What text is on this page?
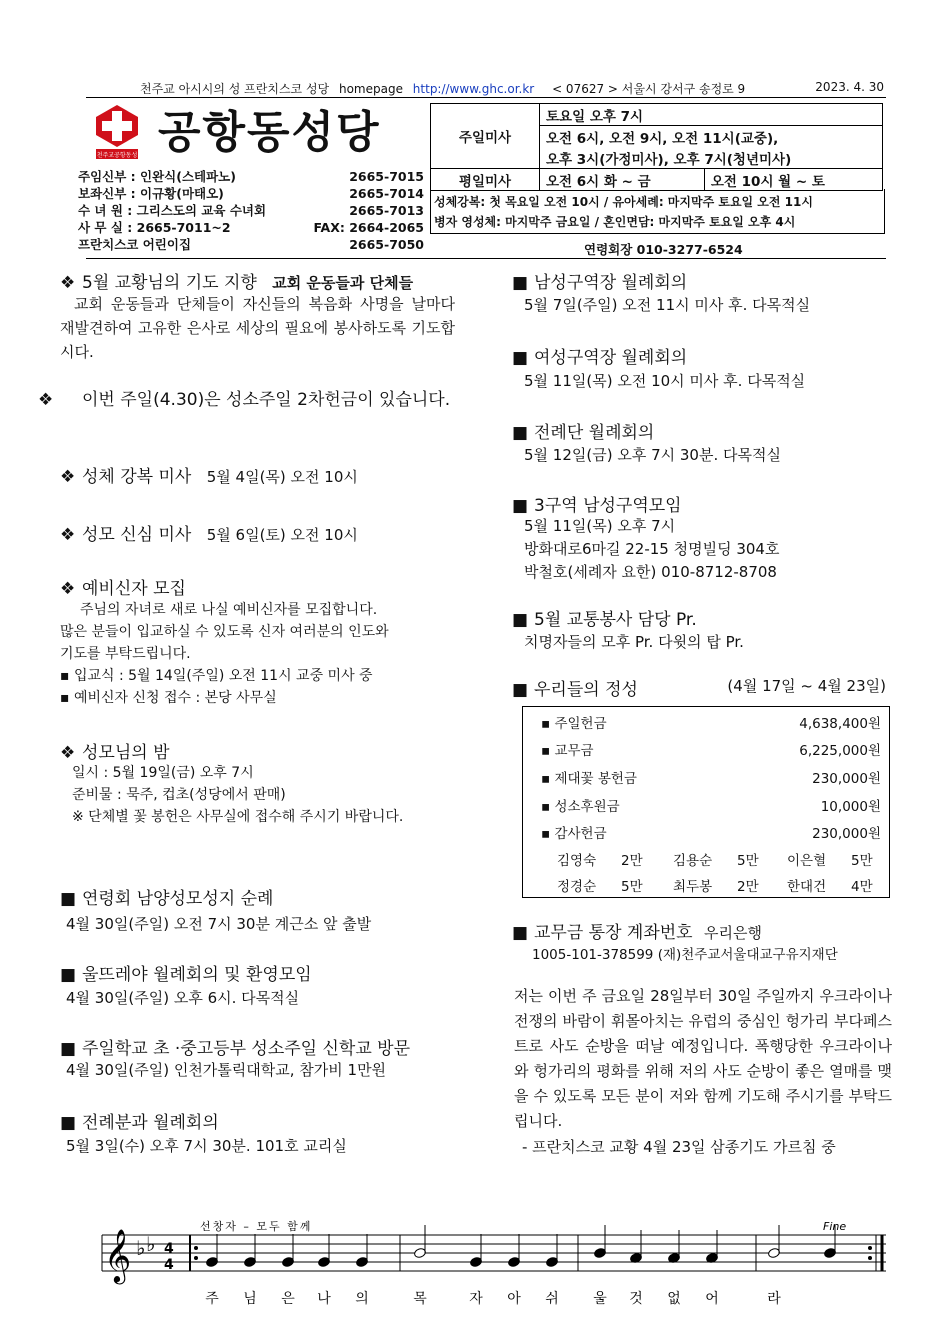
천주교 아시시의 성 프란치스코 성당 homepage http://www.ghc.or.kr < 07627 > 서울시 강서구 송정로 9	2023. 4. 30
천주교공항동성당
공항동성당
주임신부 : 인완식(스테파노)	2665-7015
보좌신부 : 이규황(마태오)	2665-7014
수 녀 원 : 그리스도의 교육 수녀회	2665-7013
사 무 실 : 2665-7011~2	FAX: 2664-2065
프란치스코 어린이집	2665-7050
주일미사	토요일 오후 7시	
	오전 6시, 오전 9시, 오전 11시(교중),	
	오후 3시(가정미사), 오후 7시(청년미사)	
평일미사	오전 6시 화 ~ 금	오전 10시 월 ~ 토
성체강복: 첫 목요일 오전 10시 / 유아세례: 마지막주 토요일 오전 11시
병자 영성체: 마지막주 금요일 / 혼인면담: 마지막주 토요일 오후 4시
연령회장 010-3277-6524
❖ 5월 교황님의 기도 지향 교회 운동들과 단체들
교회 운동들과 단체들이 자신들의 복음화 사명을 날마다 재발견하여 고유한 은사로 세상의 필요에 봉사하도록 기도합시다.
❖ 이번 주일(4.30)은 성소주일 2차헌금이 있습니다.
❖ 성체 강복 미사 5월 4일(목) 오전 10시
❖ 성모 신심 미사 5월 6일(토) 오전 10시
❖ 예비신자 모집
주님의 자녀로 새로 나실 예비신자를 모집합니다.
많은 분들이 입교하실 수 있도록 신자 여러분의 인도와
기도를 부탁드립니다.
▪ 입교식 : 5월 14일(주일) 오전 11시 교중 미사 중
▪ 예비신자 신청 접수 : 본당 사무실
❖ 성모님의 밤
일시 : 5월 19일(금) 오후 7시
준비물 : 묵주, 컵초(성당에서 판매)
※ 단체별 꽃 봉헌은 사무실에 접수해 주시기 바랍니다.
■ 연령회 남양성모성지 순례
4월 30일(주일) 오전 7시 30분 계근소 앞 출발
■ 울뜨레야 월례회의 및 환영모임
4월 30일(주일) 오후 6시. 다목적실
■ 주일학교 초 ·중고등부 성소주일 신학교 방문
4월 30일(주일) 인천가톨릭대학교, 참가비 1만원
■ 전례분과 월례회의
5월 3일(수) 오후 7시 30분. 101호 교리실
■ 남성구역장 월례회의
5월 7일(주일) 오전 11시 미사 후. 다목적실
■ 여성구역장 월례회의
5월 11일(목) 오전 10시 미사 후. 다목적실
■ 전례단 월례회의
5월 12일(금) 오후 7시 30분. 다목적실
■ 3구역 남성구역모임
5월 11일(목) 오후 7시
방화대로6마길 22-15 청명빌딩 304호
박철호(세례자 요한) 010-8712-8708
■ 5월 교통봉사 담당 Pr.
치명자들의 모후 Pr. 다윗의 탑 Pr.
■ 우리들의 정성	(4월 17일 ~ 4월 23일)
▪ 주일헌금	4,638,400원
▪ 교무금	6,225,000원
▪ 제대꽃 봉헌금	230,000원
▪ 성소후원금	10,000원
▪ 감사헌금	230,000원
김영숙	2만	김용순	5만	이은혈	5만
정경순	5만	최두봉	2만	한대건	4만
■ 교무금 통장 계좌번호 우리은행
1005-101-378599 (재)천주교서울대교구유지재단
저는 이번 주 금요일 28일부터 30일 주일까지 우크라이나 전쟁의 바람이 휘몰아치는 유럽의 중심인 헝가리 부다페스트로 사도 순방을 떠날 예정입니다. 폭행당한 우크라이나와 헝가리의 평화를 위해 저의 사도 순방이 좋은 열매를 맺을 수 있도록 모든 분이 저와 함께 기도해 주시기를 부탁드립니다.
- 프란치스코 교황 4월 23일 삼종기도 가르침 중
𝄞 ♭ ♭ 4
4
선창자 – 모두 함께	Fine
주 님 은 나 의	목	자 아 쉬 울 것 없 어	라
